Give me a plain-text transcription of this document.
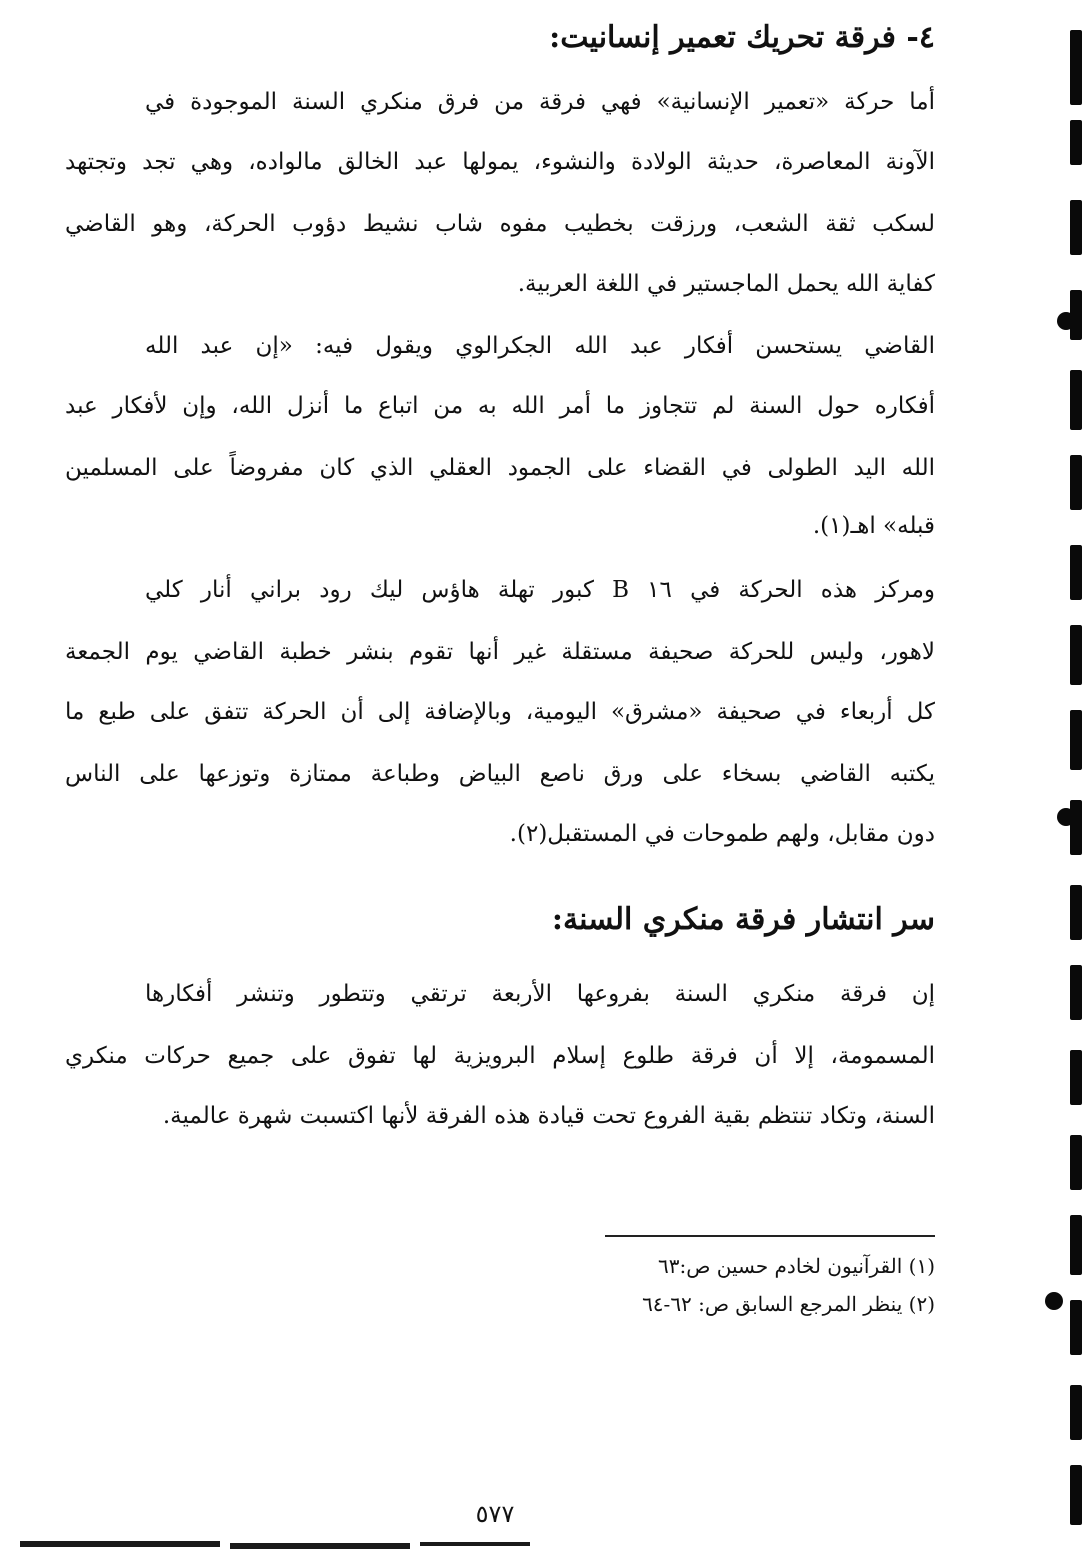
٤- فرقة تحريك تعمير إنسانيت:
أما حركة «تعمير الإنسانية» فهي فرقة من فرق منكري السنة الموجودة في
الآونة المعاصرة، حديثة الولادة والنشوء، يمولها عبد الخالق مالواده، وهي تجد وتجتهد
لسكب ثقة الشعب، ورزقت بخطيب مفوه شاب نشيط دؤوب الحركة، وهو القاضي
كفاية الله يحمل الماجستير في اللغة العربية.
القاضي يستحسن أفكار عبد الله الجكرالوي ويقول فيه: «إن عبد الله
أفكاره حول السنة لم تتجاوز ما أمر الله به من اتباع ما أنزل الله، وإن لأفكار عبد
الله اليد الطولى في القضاء على الجمود العقلي الذي كان مفروضاً على المسلمين
قبله» اهـ(١).
ومركز هذه الحركة في ١٦ B كبور تهلة هاؤس ليك رود براني أنار كلي
لاهور، وليس للحركة صحيفة مستقلة غير أنها تقوم بنشر خطبة القاضي يوم الجمعة
كل أربعاء في صحيفة «مشرق» اليومية، وبالإضافة إلى أن الحركة تتفق على طبع ما
يكتبه القاضي بسخاء على ورق ناصع البياض وطباعة ممتازة وتوزعها على الناس
دون مقابل، ولهم طموحات في المستقبل(٢).
سر انتشار فرقة منكري السنة:
إن فرقة منكري السنة بفروعها الأربعة ترتقي وتتطور وتنشر أفكارها
المسمومة، إلا أن فرقة طلوع إسلام البرويزية لها تفوق على جميع حركات منكري
السنة، وتكاد تنتظم بقية الفروع تحت قيادة هذه الفرقة لأنها اكتسبت شهرة عالمية.
(١) القرآنيون لخادم حسين ص:٦٣
(٢) ينظر المرجع السابق ص: ٦٢-٦٤
٥٧٧
